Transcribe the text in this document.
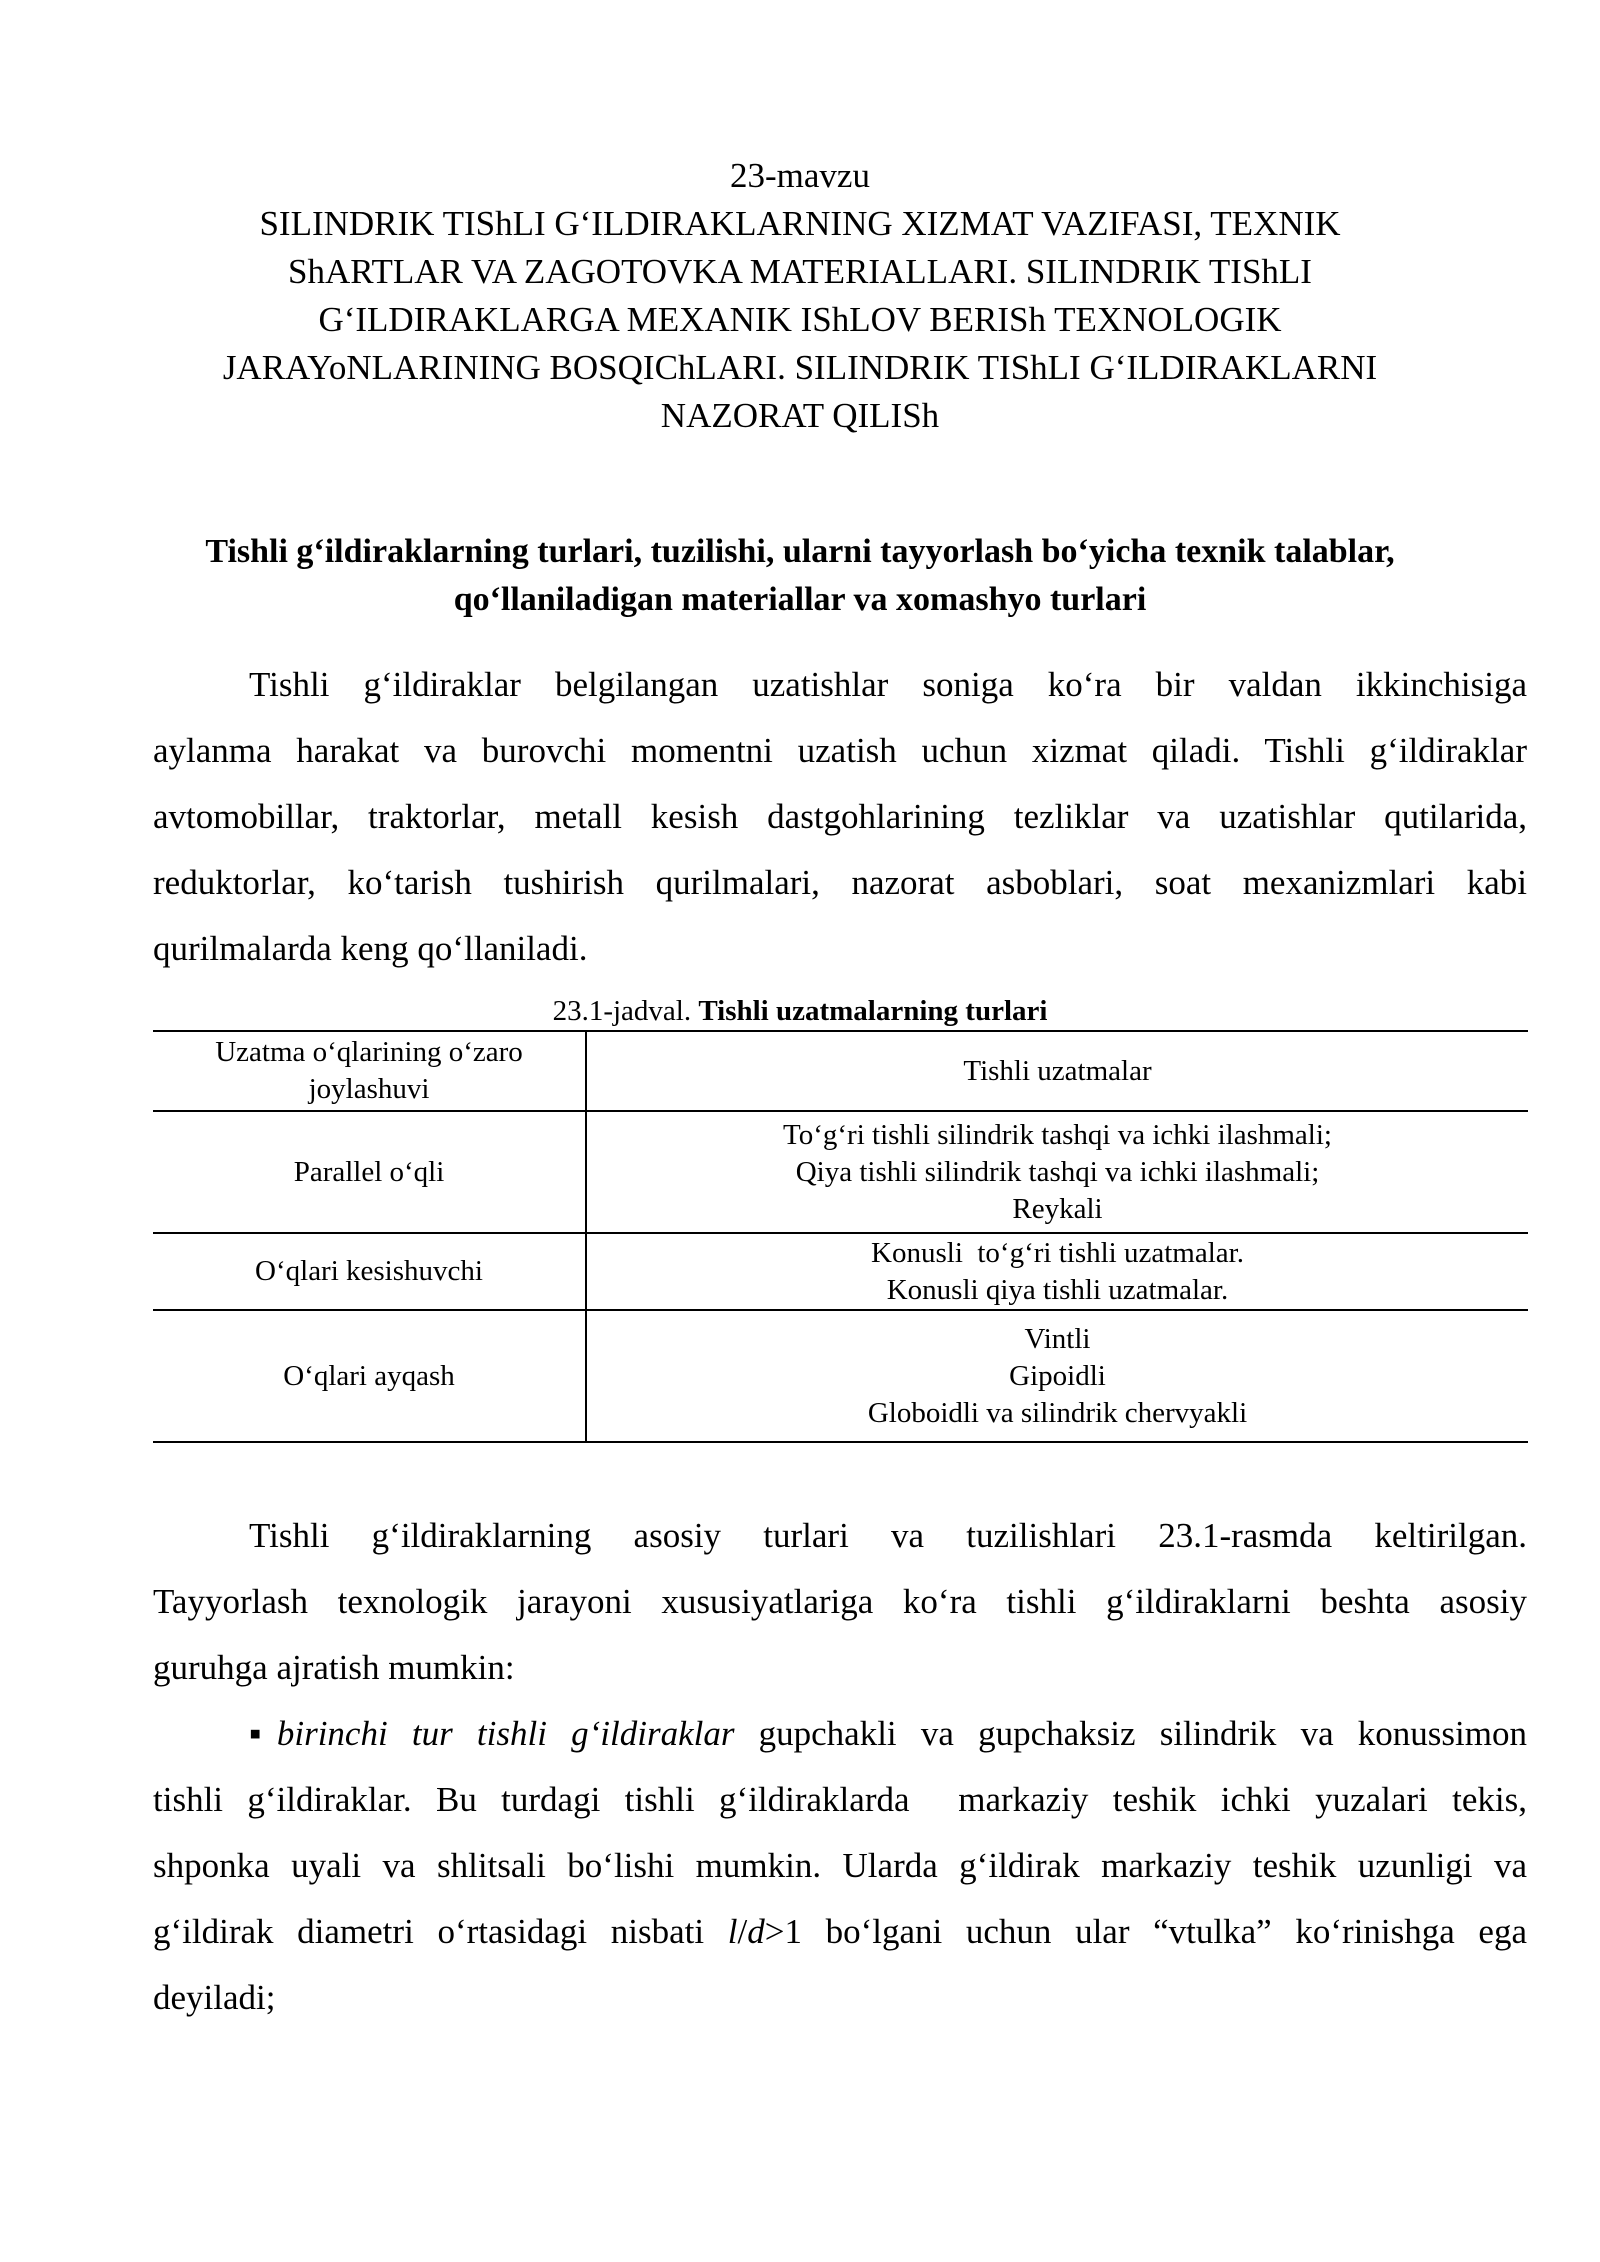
23-mavzu
SILINDRIK TIShLI G‘ILDIRAKLARNING XIZMAT VAZIFASI, TEXNIK
ShARTLAR VA ZAGOTOVKA MATERIALLARI. SILINDRIK TIShLI
G‘ILDIRAKLARGA MEXANIK IShLOV BERISh TEXNOLOGIK
JARAYoNLARINING BOSQIChLARI. SILINDRIK TIShLI G‘ILDIRAKLARNI
NAZORAT QILISh
Tishli g‘ildiraklarning turlari, tuzilishi, ularni tayyorlash bo‘yicha texnik talablar,
qo‘llaniladigan materiallar va xomashyo turlari
Tishli g‘ildiraklar belgilangan uzatishlar soniga ko‘ra bir valdan ikkinchisiga
aylanma harakat va burovchi momentni uzatish uchun xizmat qiladi. Tishli g‘ildiraklar
avtomobillar, traktorlar, metall kesish dastgohlarining tezliklar va uzatishlar qutilarida,
reduktorlar, ko‘tarish tushirish qurilmalari, nazorat asboblari, soat mexanizmlari kabi
qurilmalarda keng qo‘llaniladi.
23.1-jadval. Tishli uzatmalarning turlari
Uzatma o‘qlarining o‘zaro
joylashuvi	Tishli uzatmalar
Parallel o‘qli	To‘g‘ri tishli silindrik tashqi va ichki ilashmali;
Qiya tishli silindrik tashqi va ichki ilashmali;
Reykali

O‘qlari kesishuvchi	Konusli  to‘g‘ri tishli uzatmalar.
Konusli qiya tishli uzatmalar.

O‘qlari ayqash	Vintli
Gipoidli
Globoidli va silindrik chervyakli
Tishli g‘ildiraklarning asosiy turlari va tuzilishlari 23.1-rasmda keltirilgan.
Tayyorlash texnologik jarayoni xususiyatlariga ko‘ra tishli g‘ildiraklarni beshta asosiy
guruhga ajratish mumkin:
▪birinchi tur tishli g‘ildiraklar gupchakli va gupchaksiz silindrik va konussimon
tishli g‘ildiraklar. Bu turdagi tishli g‘ildiraklarda  markaziy teshik ichki yuzalari tekis,
shponka uyali va shlitsali bo‘lishi mumkin. Ularda g‘ildirak markaziy teshik uzunligi va
g‘ildirak diametri o‘rtasidagi nisbati l/d>1 bo‘lgani uchun ular “vtulka” ko‘rinishga ega
deyiladi;
